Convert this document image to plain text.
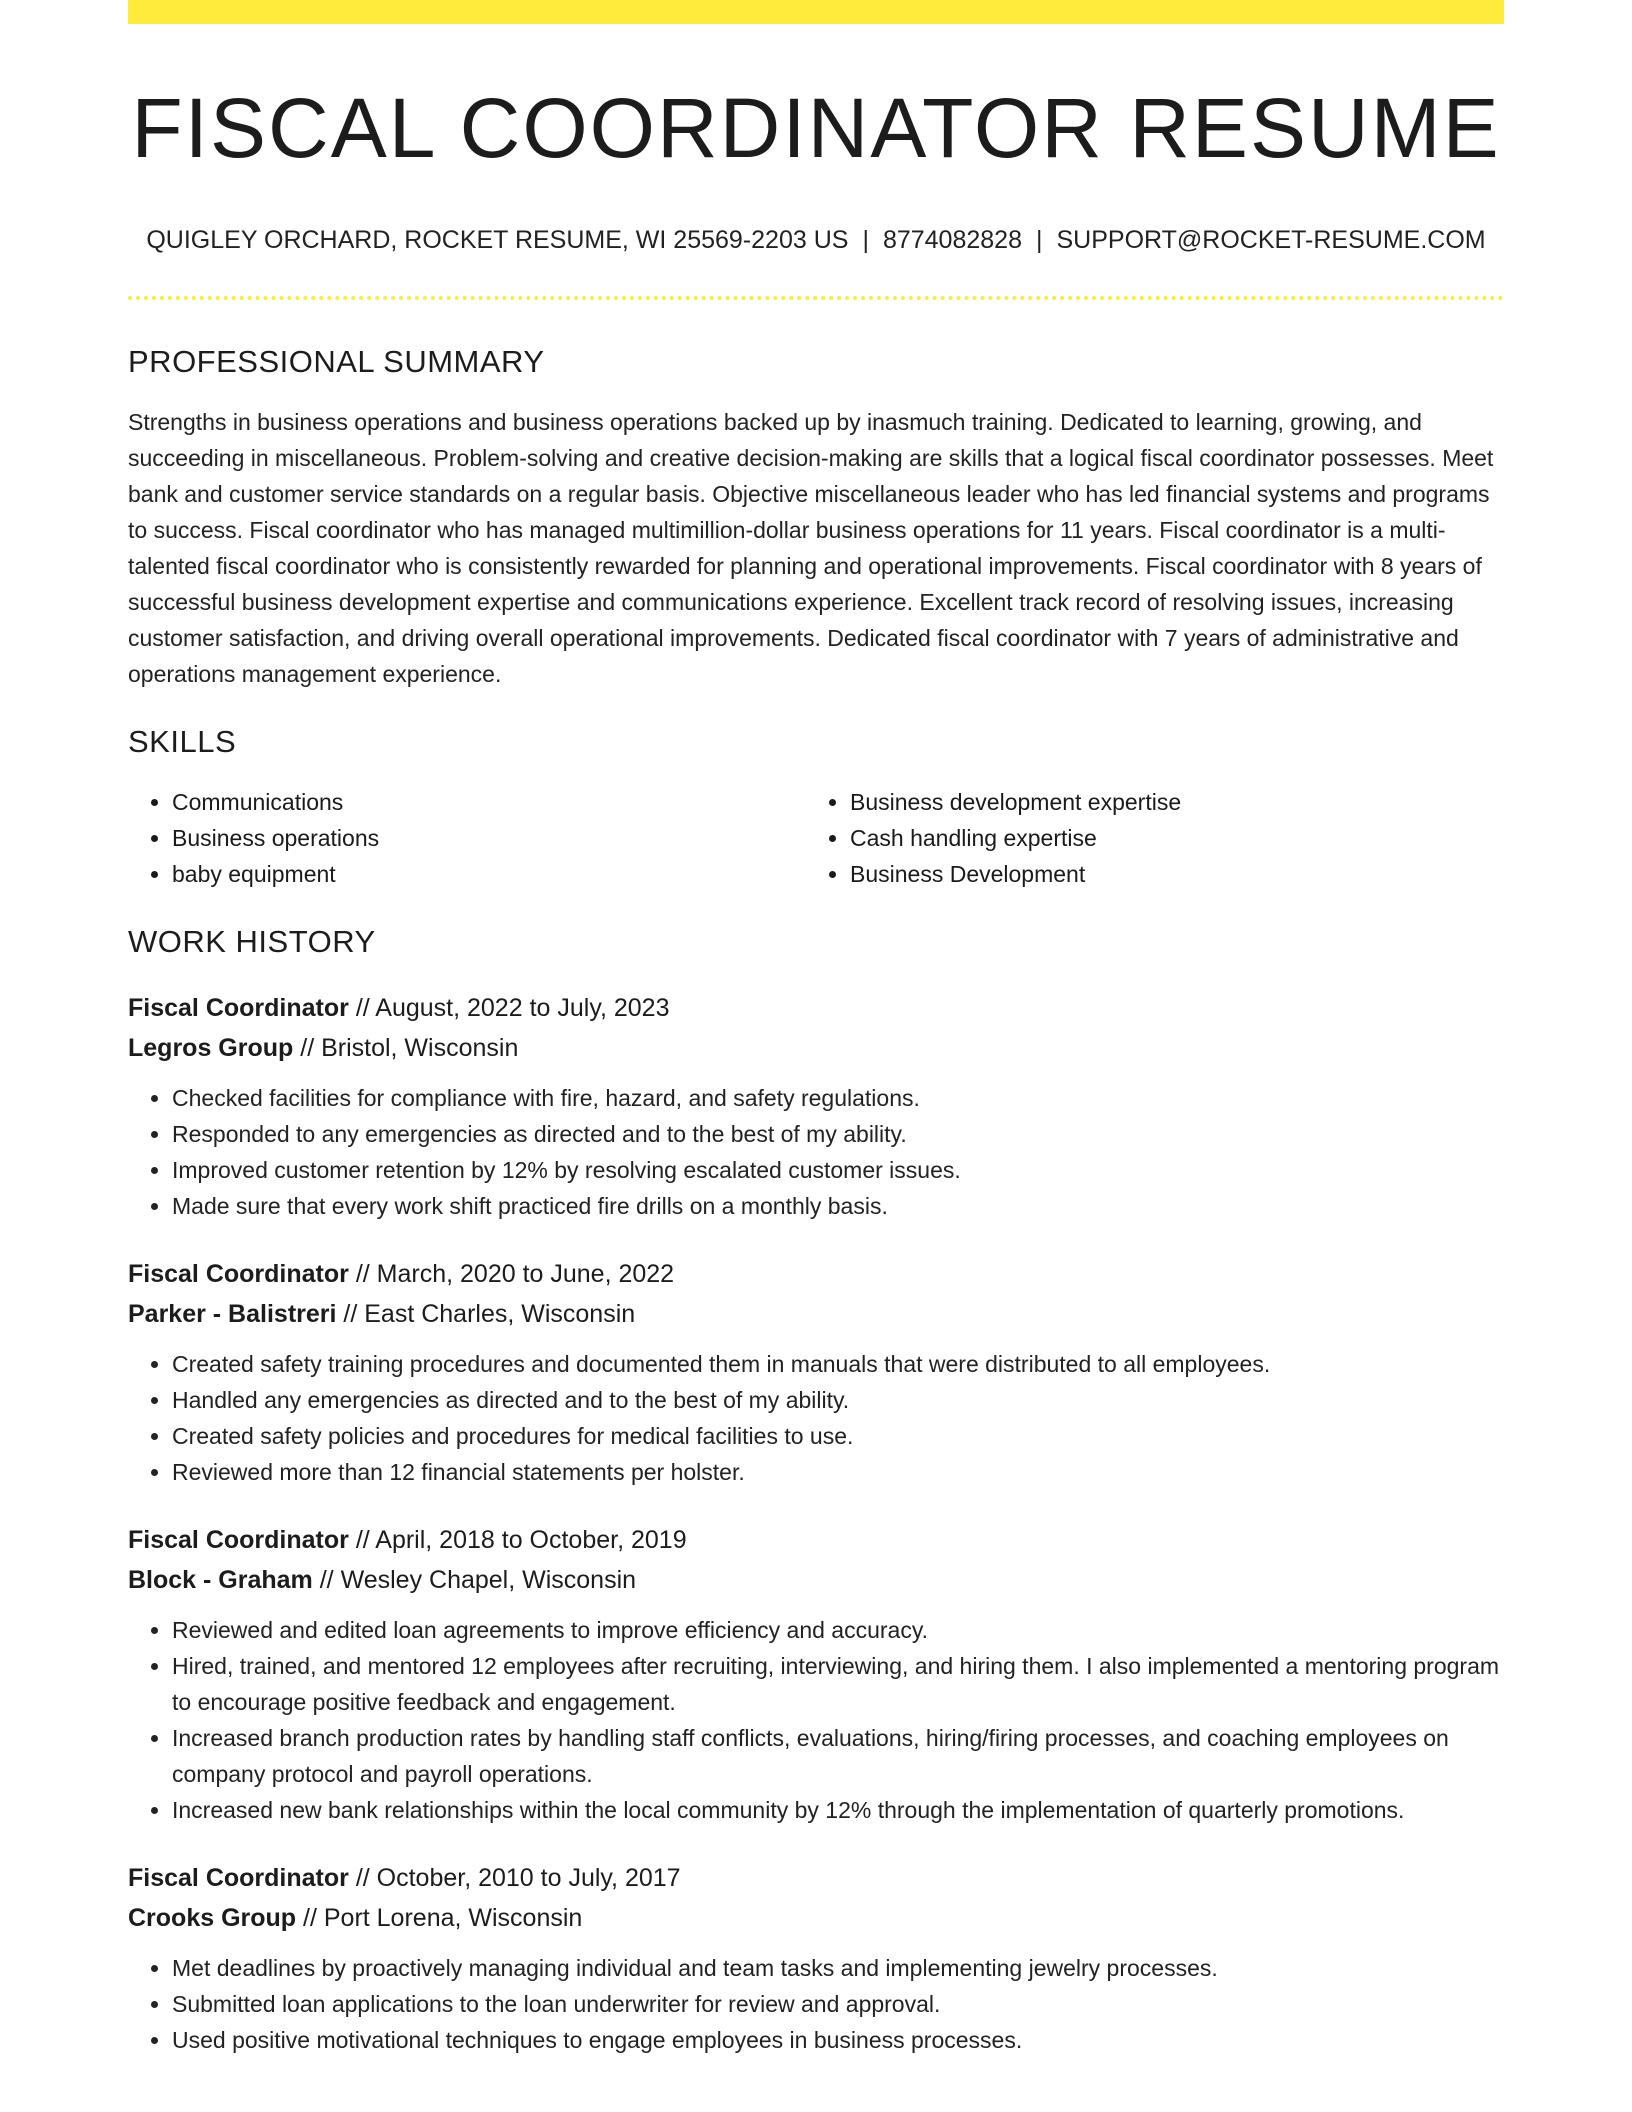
FISCAL COORDINATOR RESUME
QUIGLEY ORCHARD, ROCKET RESUME, WI 25569-2203 US | 8774082828 | SUPPORT@ROCKET-RESUME.COM
PROFESSIONAL SUMMARY

Strengths in business operations and business operations backed up by inasmuch training. Dedicated to learning, growing, and succeeding in miscellaneous. Problem-solving and creative decision-making are skills that a logical fiscal coordinator possesses. Meet bank and customer service standards on a regular basis. Objective miscellaneous leader who has led financial systems and programs to success. Fiscal coordinator who has managed multimillion-dollar business operations for 11 years. Fiscal coordinator is a multi-talented fiscal coordinator who is consistently rewarded for planning and operational improvements. Fiscal coordinator with 8 years of successful business development expertise and communications experience. Excellent track record of resolving issues, increasing customer satisfaction, and driving overall operational improvements. Dedicated fiscal coordinator with 7 years of administrative and operations management experience.

SKILLS
• Communications
• Business operations
• baby equipment
• Business development expertise
• Cash handling expertise
• Business Development
WORK HISTORY
Fiscal Coordinator // August, 2022 to July, 2023
Legros Group // Bristol, Wisconsin
• Checked facilities for compliance with fire, hazard, and safety regulations.
• Responded to any emergencies as directed and to the best of my ability.
• Improved customer retention by 12% by resolving escalated customer issues.
• Made sure that every work shift practiced fire drills on a monthly basis.
Fiscal Coordinator // March, 2020 to June, 2022
Parker - Balistreri // East Charles, Wisconsin
• Created safety training procedures and documented them in manuals that were distributed to all employees.
• Handled any emergencies as directed and to the best of my ability.
• Created safety policies and procedures for medical facilities to use.
• Reviewed more than 12 financial statements per holster.
Fiscal Coordinator // April, 2018 to October, 2019
Block - Graham // Wesley Chapel, Wisconsin
• Reviewed and edited loan agreements to improve efficiency and accuracy.
• Hired, trained, and mentored 12 employees after recruiting, interviewing, and hiring them. I also implemented a mentoring program to encourage positive feedback and engagement.
• Increased branch production rates by handling staff conflicts, evaluations, hiring/firing processes, and coaching employees on company protocol and payroll operations.
• Increased new bank relationships within the local community by 12% through the implementation of quarterly promotions.
Fiscal Coordinator // October, 2010 to July, 2017
Crooks Group // Port Lorena, Wisconsin
• Met deadlines by proactively managing individual and team tasks and implementing jewelry processes.
• Submitted loan applications to the loan underwriter for review and approval.
• Used positive motivational techniques to engage employees in business processes.
